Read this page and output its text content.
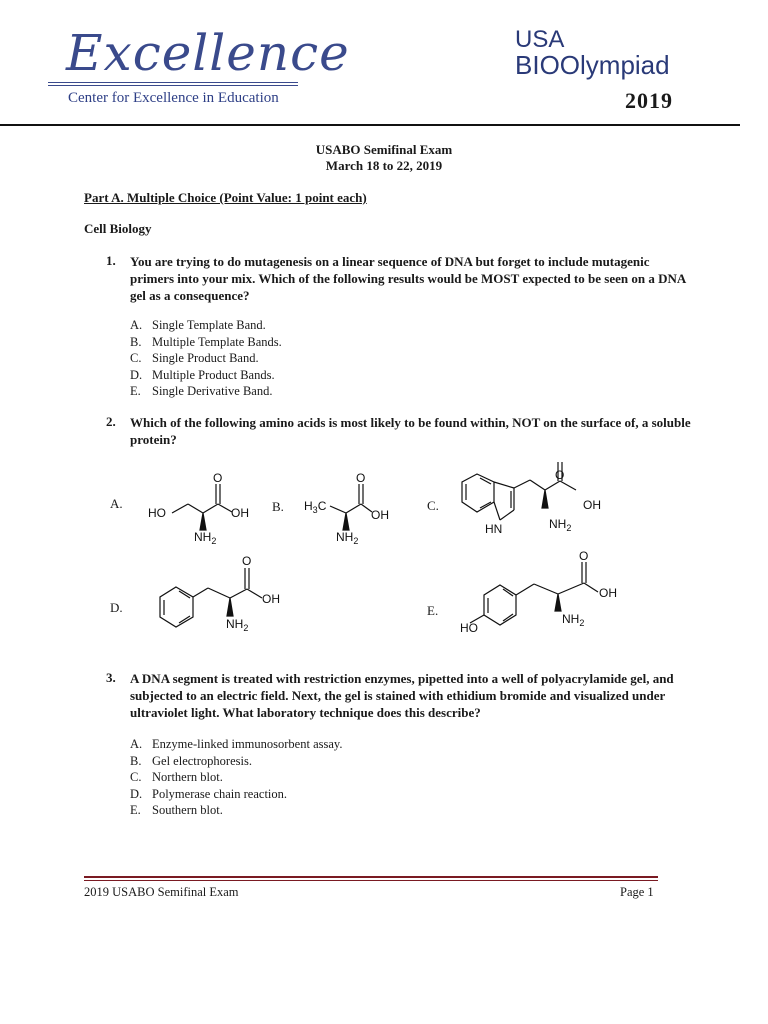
Excellence
Center for Excellence in Education
USA
BIOOlympiad
2019
USABO Semifinal Exam
March 18 to 22, 2019
Part A. Multiple Choice (Point Value: 1 point each)
Cell Biology
1. You are trying to do mutagenesis on a linear sequence of DNA but forget to include mutagenic primers into your mix. Which of the following results would be MOST expected to be seen on a DNA gel as a consequence?
A. Single Template Band.
B. Multiple Template Bands.
C. Single Product Band.
D. Multiple Product Bands.
E. Single Derivative Band.
2. Which of the following amino acids is most likely to be found within, NOT on the surface of, a soluble protein?
A.	B.	C.
D.	E.
HO
O
OH
$NH_2$
$H_3C$
O
OH
$NH_2$
HN
O
OH
$NH_2$
O
OH
$NH_2$	HO
O
OH
$NH_2$
3. A DNA segment is treated with restriction enzymes, pipetted into a well of polyacrylamide gel, and subjected to an electric field. Next, the gel is stained with ethidium bromide and visualized under ultraviolet light. What laboratory technique does this describe?
A. Enzyme-linked immunosorbent assay.
B. Gel electrophoresis.
C. Northern blot.
D. Polymerase chain reaction.
E. Southern blot.
2019 USABO Semifinal Exam	Page 1
